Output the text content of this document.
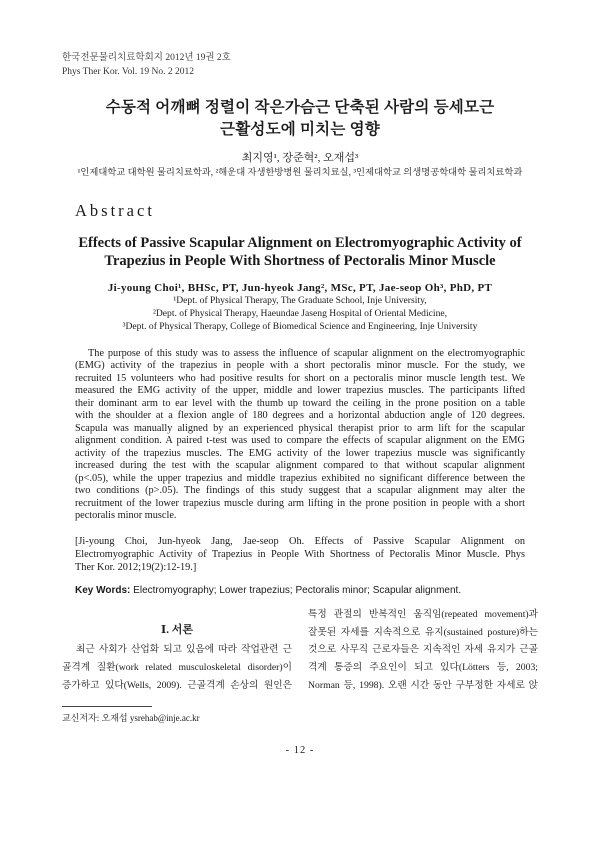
한국전문물리치료학회지 2012년 19권 2호
Phys Ther Kor. Vol. 19 No. 2 2012
수동적 어깨뼈 정렬이 작은가슴근 단축된 사람의 등세모근
근활성도에 미치는 영향
최지영¹, 장준혁², 오재섭³
¹인제대학교 대학원 물리치료학과, ²해운대 자생한방병원 물리치료실, ³인제대학교 의생명공학대학 물리치료학과
Abstract
Effects of Passive Scapular Alignment on Electromyographic Activity of
Trapezius in People With Shortness of Pectoralis Minor Muscle
Ji-young Choi¹, BHSc, PT, Jun-hyeok Jang², MSc, PT, Jae-seop Oh³, PhD, PT
¹Dept. of Physical Therapy, The Graduate School, Inje University,
²Dept. of Physical Therapy, Haeundae Jaseng Hospital of Oriental Medicine,
³Dept. of Physical Therapy, College of Biomedical Science and Engineering, Inje University
The purpose of this study was to assess the influence of scapular alignment on the electromyographic
(EMG) activity of the trapezius in people with a short pectoralis minor muscle. For the study, we
recruited 15 volunteers who had positive results for short on a pectoralis minor muscle length test. We
measured the EMG activity of the upper, middle and lower trapezius muscles. The participants lifted
their dominant arm to ear level with the thumb up toward the ceiling in the prone position on a table
with the shoulder at a flexion angle of 180 degrees and a horizontal abduction angle of 120 degrees.
Scapula was manually aligned by an experienced physical therapist prior to arm lift for the scapular
alignment condition. A paired t-test was used to compare the effects of scapular alignment on the EMG
activity of the trapezius muscles. The EMG activity of the lower trapezius muscle was significantly
increased during the test with the scapular alignment compared to that without scapular alignment
(p<.05), while the upper trapezius and middle trapezius exhibited no significant difference between the
two conditions (p>.05). The findings of this study suggest that a scapular alignment may alter the
recruitment of the lower trapezius muscle during arm lifting in the prone position in people with a short
pectoralis minor muscle.
[Ji-young Choi, Jun-hyeok Jang, Jae-seop Oh. Effects of Passive Scapular Alignment on
Electromyographic Activity of Trapezius in People With Shortness of Pectoralis Minor Muscle. Phys
Ther Kor. 2012;19(2):12-19.]
Key Words: Electromyography; Lower trapezius; Pectoralis minor; Scapular alignment.
Ⅰ. 서론
최근 사회가 산업화 되고 있음에 따라 작업관련 근
골격계 질환(work related musculoskeletal disorder)이
증가하고 있다(Wells, 2009). 근골격계 손상의 원인은
특정 관절의 반복적인 움직임(repeated movement)과
잘못된 자세를 지속적으로 유지(sustained posture)하는
것으로 사무직 근로자들은 지속적인 자세 유지가 근골
격계 통증의 주요인이 되고 있다(Lötters 등, 2003;
Norman 등, 1998). 오랜 시간 동안 구부정한 자세로 앉
교신저자: 오재섭 ysrehab@inje.ac.kr
- 12 -
